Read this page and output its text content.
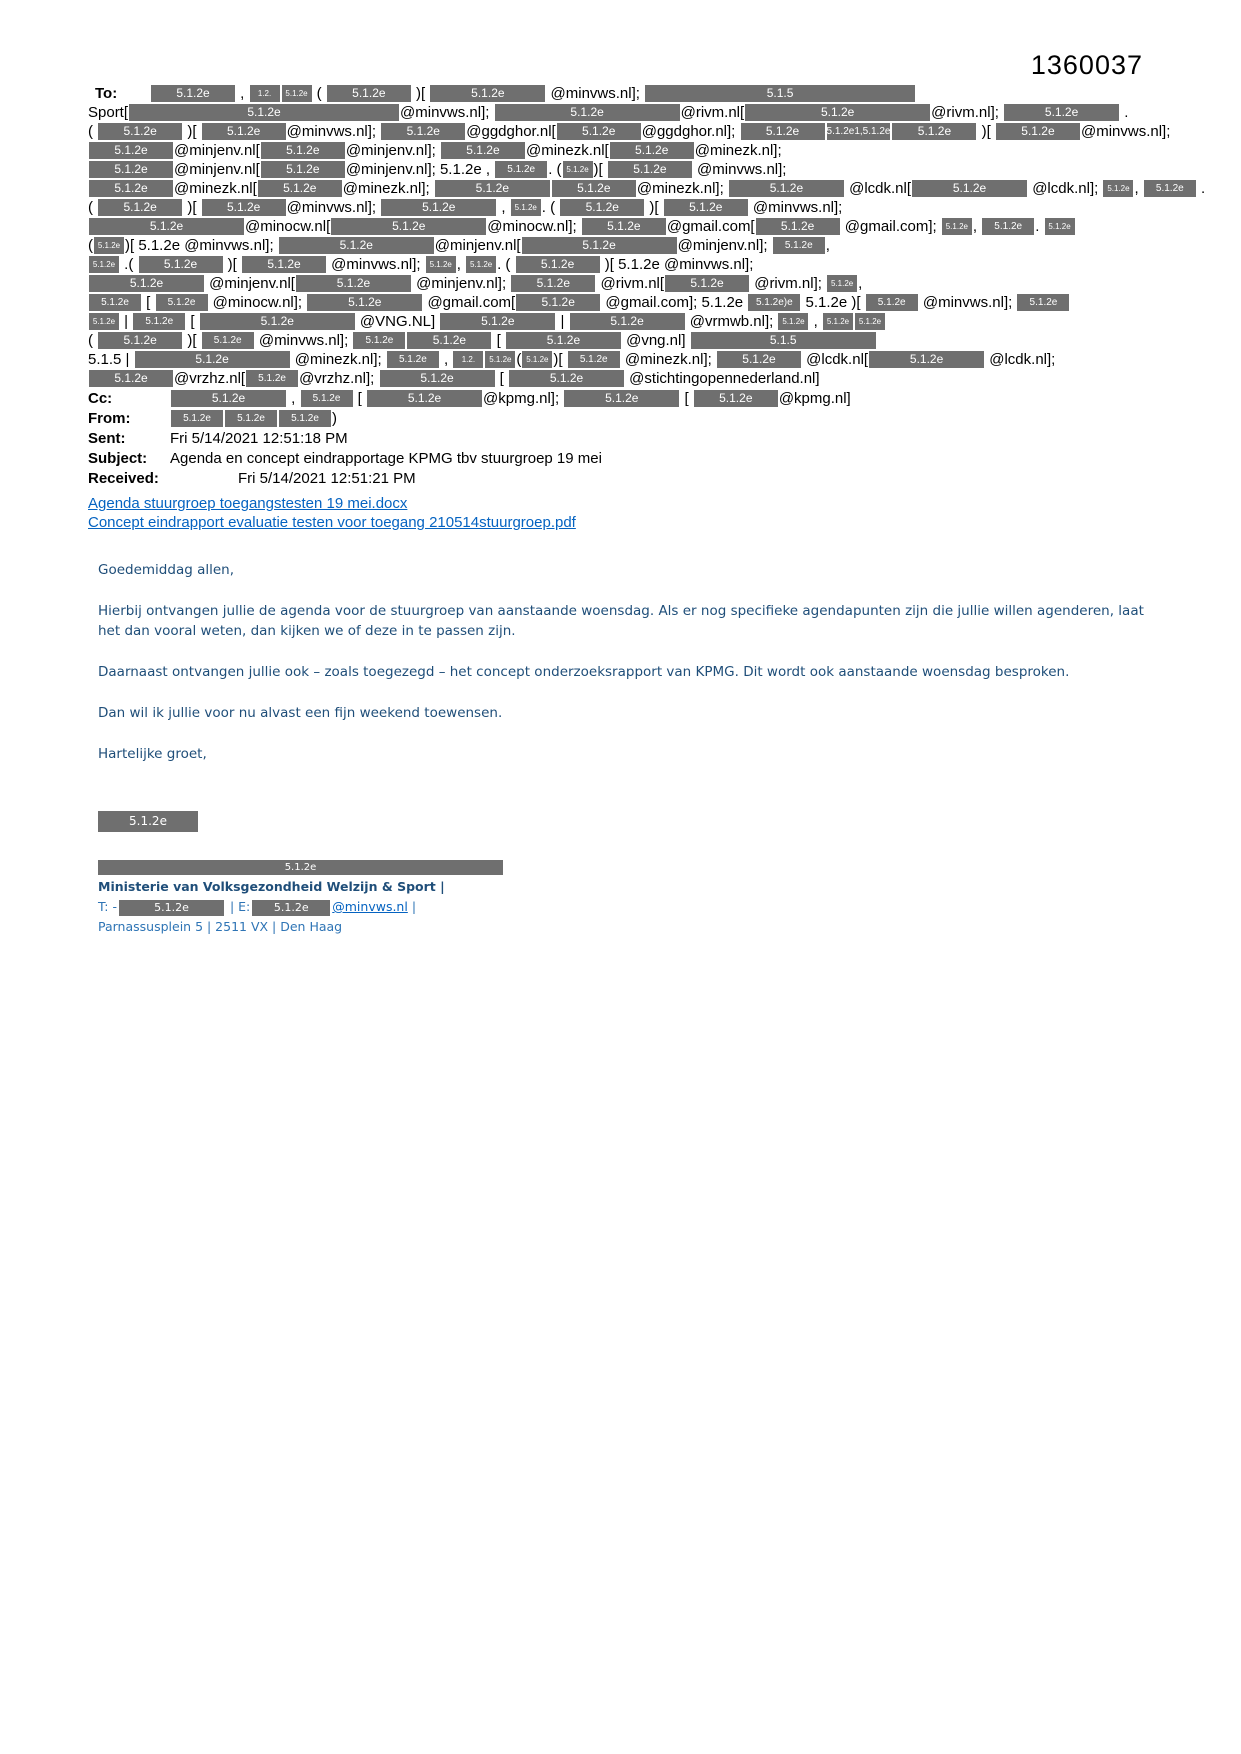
1360037
To:	5.1.2e , 1.2. 5.1.2e ( 5.1.2e )[	5.1.2e	@minvws.nl];	5.1.5
Sport[	5.1.2e	@minvws.nl];	5.1.2e	@rivm.nl[	5.1.2e	@rivm.nl];	5.1.2e	.
( 5.1.2e )[ 5.1.2e @minvws.nl]; 5.1.2e @ggdghor.nl[ 5.1.2e @ggdghor.nl]; 5.1.2e	5.1.2e1,5.1.2e 5.1.2e )[ 5.1.2e @minvws.nl];
5.1.2e @minjenv.nl[ 5.1.2e @minjenv.nl]; 5.1.2e @minezk.nl[ 5.1.2e @minezk.nl];
5.1.2e @minjenv.nl[ 5.1.2e @minjenv.nl]; 5.1.2e , 5.1.2e . ( 5.1.2e )[ 5.1.2e @minvws.nl];
5.1.2e @minezk.nl[ 5.1.2e @minezk.nl];	5.1.2e	5.1.2e @minezk.nl];	5.1.2e	@lcdk.nl[	5.1.2e	@lcdk.nl]; 5.1.2e , 5.1.2e .
( 5.1.2e )[ 5.1.2e @minvws.nl];	5.1.2e	, 5.1.2e . ( 5.1.2e )[ 5.1.2e @minvws.nl];
5.1.2e	@minocw.nl[	5.1.2e	@minocw.nl]; 5.1.2e @gmail.com[ 5.1.2e @gmail.com]; 5.1.2e , 5.1.2e . 5.1.2e
( 5.1.2e )[ 5.1.2e @minvws.nl];	5.1.2e	@minjenv.nl[	5.1.2e	@minjenv.nl]; 5.1.2e ,
5.1.2e .( 5.1.2e )[ 5.1.2e @minvws.nl]; 5.1.2e , 5.1.2e . ( 5.1.2e )[ 5.1.2e @minvws.nl];
5.1.2e	@minjenv.nl[	5.1.2e	@minjenv.nl]; 5.1.2e @rivm.nl[ 5.1.2e @rivm.nl]; 5.1.2e ,
5.1.2e [ 5.1.2e @minocw.nl];	5.1.2e	@gmail.com[ 5.1.2e @gmail.com]; 5.1.2e 5.1.2e)e 5.1.2e )[ 5.1.2e @minvws.nl]; 5.1.2e
5.1.2e | 5.1.2e [	5.1.2e	@VNG.NL]	5.1.2e	|	5.1.2e	@vrmwb.nl]; 5.1.2e , 5.1.2e 5.1.2e
( 5.1.2e )[ 5.1.2e @minvws.nl]; 5.1.2e	5.1.2e [	5.1.2e	@vng.nl]	5.1.5
5.1.5 |	5.1.2e	@minezk.nl]; 5.1.2e , 1.2. 5.1.2e ( 5.1.2e )[ 5.1.2e @minezk.nl]; 5.1.2e @lcdk.nl[	5.1.2e	@lcdk.nl];
5.1.2e @vrzhz.nl[ 5.1.2e @vrzhz.nl];	5.1.2e	[	5.1.2e	@stichtingopennederland.nl]
Cc:	5.1.2e	, 5.1.2e [	5.1.2e	@kpmg.nl];	5.1.2e	[ 5.1.2e @kpmg.nl]
From:	5.1.2e	5.1.2e	5.1.2e )
Sent:	Fri 5/14/2021 12:51:18 PM
Subject:	Agenda en concept eindrapportage KPMG tbv stuurgroep 19 mei
Received:	Fri 5/14/2021 12:51:21 PM
Agenda stuurgroep toegangstesten 19 mei.docx
Concept eindrapport evaluatie testen voor toegang 210514stuurgroep.pdf

Goedemiddag allen,

Hierbij ontvangen jullie de agenda voor de stuurgroep van aanstaande woensdag. Als er nog specifieke agendapunten zijn die jullie willen agenderen, laat het dan vooral weten, dan kijken we of deze in te passen zijn.

Daarnaast ontvangen jullie ook – zoals toegezegd – het concept onderzoeksrapport van KPMG. Dit wordt ook aanstaande woensdag besproken.

Dan wil ik jullie voor nu alvast een fijn weekend toewensen.

Hartelijke groet,

5.1.2e
5.1.2e
Ministerie van Volksgezondheid Welzijn & Sport |
T: -	5.1.2e	| E: 5.1.2e @minvws.nl |
Parnassusplein 5 | 2511 VX | Den Haag
